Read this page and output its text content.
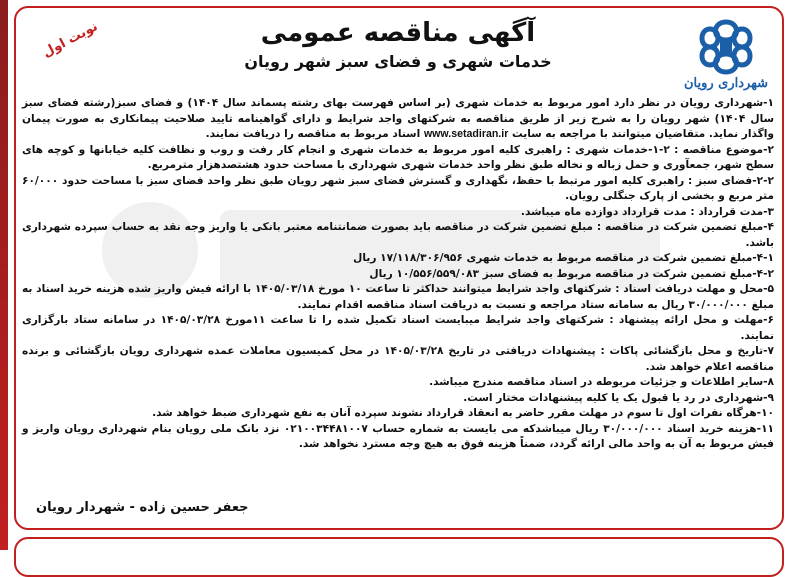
نوبت اول	آگهی مناقصه عمومی
خدمات شهری و فضای سبز شهر رویان
شهرداری رویان

۱-شهرداری رویان در نظر دارد امور مربوط به خدمات شهری (بر اساس فهرست بهای رشته پسماند سال ۱۴۰۴) و فضای سبز(رشته فضای سبز سال ۱۴۰۴) شهر رویان را به شرح زیر از طریق مناقصه به شرکتهای واجد شرایط و دارای گواهینامه تایید صلاحیت پیمانکاری به صورت پیمان واگذار نماید. متقاضیان میتوانند با مراجعه به سایت www.setadiran.ir اسناد مربوط به مناقصه را دریافت نمایند.

۲-موضوع مناقصه : ۲-۱-خدمات شهری : راهبری کلیه امور مربوط به خدمات شهری و انجام کار رفت و روب و نظافت کلیه خیابانها و کوچه های سطح شهر، جمعآوری و حمل زباله و نخاله طبق نظر واحد خدمات شهری شهرداری با مساحت حدود هشتصدهزار مترمربع.

۲-۲-فضای سبز : راهبری کلیه امور مرتبط با حفظ، نگهداری و گسترش فضای سبز شهر رویان طبق نظر واحد فضای سبز با مساحت حدود ۶۰/۰۰۰ متر مربع و بخشی از پارک جنگلی رویان.

۳-مدت قرارداد : مدت قرارداد دوازده ماه میباشد.

۴-مبلغ تضمین شرکت در مناقصه : مبلغ تضمین شرکت در مناقصه باید بصورت ضمانتنامه معتبر بانکی یا واریز وجه نقد به حساب سپرده شهرداری باشد.

۴-۱-مبلغ تضمین شرکت در مناقصه مربوط به خدمات شهری ۱۷/۱۱۸/۳۰۶/۹۵۶ ریال

۴-۲-مبلغ تضمین شرکت در مناقصه مربوط به فضای سبز ۱۰/۵۵۶/۵۵۹/۰۸۳ ریال

۵-محل و مهلت دریافت اسناد : شرکتهای واجد شرایط میتوانند حداکثر تا ساعت ۱۰ مورخ ۱۴۰۵/۰۳/۱۸ با ارائه فیش واریز شده هزینه خرید اسناد به مبلغ ۳۰/۰۰۰/۰۰۰ ریال به سامانه ستاد مراجعه و نسبت به دریافت اسناد مناقصه اقدام نمایند.

۶-مهلت و محل ارائه پیشنهاد : شرکتهای واجد شرایط میبایست اسناد تکمیل شده را تا ساعت ۱۱مورخ ۱۴۰۵/۰۳/۲۸ در سامانه ستاد بارگزاری نمایند.

۷-تاریخ و محل بازگشائی پاکات : پیشنهادات دریافتی در تاریخ ۱۴۰۵/۰۳/۲۸ در محل کمیسیون معاملات عمده شهرداری رویان بازگشائی و برنده مناقصه اعلام خواهد شد.

۸-سایر اطلاعات و جزئیات مربوطه در اسناد مناقصه مندرج میباشد.

۹-شهرداری در رد یا قبول یک یا کلیه پیشنهادات مختار است.

۱۰-هرگاه نفرات اول تا سوم در مهلت مقرر حاضر به انعقاد قرارداد نشوند سپرده آنان به نفع شهرداری ضبط خواهد شد.

۱۱-هزینه خرید اسناد ۳۰/۰۰۰/۰۰۰ ریال میباشدکه می بایست به شماره حساب ۰۲۱۰۰۳۴۴۸۱۰۰۷ نزد بانک ملی رویان بنام شهرداری رویان واریز و فیش مربوط به آن به واحد مالی ارائه گردد، ضمناً هزینه فوق به هیچ وجه مسترد نخواهد شد.

جعفر حسین زاده - شهردار رویان
